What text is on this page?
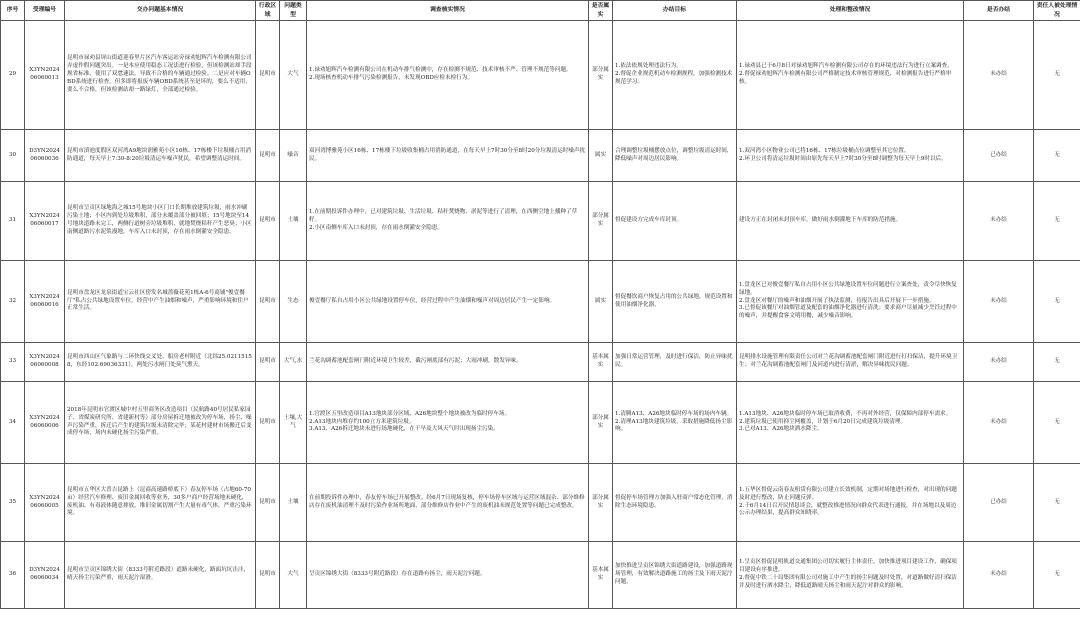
序号	受理编号	交办问题基本情况	行政区域	问题类型	调查核实情况	是否属实	办结目标	处理和整改情况	是否办结	责任人被处理情况
29	X3YN2024 06060013	昆明市禄劝县屏山街道迎春里片区汽车客运站旁禄劝旭辉汽车检测有限公司弄虚作假问题突出。一是本应使用稳态工况法进行检验，但该检测站却手段规省标准，使用了双怠速法，导致不合格的车辆通过检验。二是应对车辆OBD系统进行检查，但多即将报废车辆OBD系统甚至是坏的，要么不适用，要么不合格，但该检测站却一路绿灯，全部通过检验。	昆明市	大气	1.禄劝旭辉汽车检测有限公司在机动车排气检测中，存在检测不规范、技术审核不严、管理不规范等问题。
2.现场核查机动车排气污染检测报告，未发现OBD应检未检行为。	部分属实	1.依法依规处理违法行为。
2.督促企业规范机动车检测规程，加强检测技术规范学习。	1.禄劝县已于6月8日对禄劝旭辉汽车检测有限公司存在的环境违法行为进行立案调查。
2.督促禄劝旭辉汽车检测有限公司严格制定技术审核管理规范，对检测报告进行严格审核。	未办结	无
30	D3YN2024 06060036	昆明市滇池度假区双河湾A9地块润雅苑小区16栋、17栋楼下垃圾桶占用消防通道，每天早上7:30-8:20垃圾清运车噪声扰民，希望调整清运时间。	昆明市	噪音	双河湾博雅苑小区16栋、17栋楼下垃圾收集桶占用消防通道，在每天早上7时30分至8时20分垃圾清运时噪声扰民。	属实	合理调整垃圾桶摆放点位，调整垃圾清运时间，降低噪声对周边居民影响。	1.双河湾小区物业公司已将16栋、17栋垃圾桶点位调整至其它位置。
2.环卫公司将清运垃圾时间由原先每天早上7时30分至8时调整为每天早上9时以后。	已办结	无
31	X3YN2024 06060017	昆明市呈贡区绿地海之城15号地块小区门口长期堆放建筑垃圾，雨水冲刷污染土地；小区内到处垃圾堆积，部分未覆盖部分被回填；15号地块至14号地块道路未完工，两侧行道树旁垃圾堆积，就地焚烧秸秆产生恶臭；小区南侧道路污水泥浆漫地，车库入口未封顶，存在雨水倒灌安全隐患。	昆明市	土壤	1.在前期投诉件办理中，已对建筑垃圾、生活垃圾、秸秆焚烧物、淤泥等进行了清理，在西侧空地上播种了草籽。
2.小区南侧车库入口未封顶，存在雨水倒灌安全隐患。	部分属实	督促建设方完成车库封顶。	建设方正在封闭未封顶车库，做好雨水倒灌地下车库的防范措施。	未办结	无
32	X3YN2024 06060016	昆明市盘龙区龙泉街道宝云社区傍发名城蔷薇花苑1栋A-6号商铺"俊壹餐厅"私占公共绿地设置车位，经营中产生油烟和噪声，严重影响环境和住户正常生活。	昆明市	生态	俊壹餐厅私自占用小区公共绿地设置停车位，经营过程中产生油烟和噪声对周边居民产生一定影响。	属实	督促餐饮商户恢复占用的公共绿地，规范设置和使用油烟净化器。	1.盘龙区已对俊壹餐厅私自占用小区公共绿地设置车位问题进行立案查处，责令尽快恢复绿地。
2.盘龙区对餐厅的噪声和油烟开展了执法监测，待报告出具后开展下一步措施。
3.已督促该餐厅对油烟管道及配套的油烟净化器进行清洗；要求商户尽量减少烹饪过程中的噪声，并提醒食客文明用餐，减少噪音影响。	未办结	无
33	X3YN2024 06060008	昆明市西山区气象路与二环快线交叉处、船房老村附近（北纬25.02115158，东经102.69036331），两处污水闸门处臭气熏天。	昆明市	大气,水	兰花沟调蓄池配套闸门附近环境卫生较差，截污闸底部有污泥；大雨冲刷，散发异味。	基本属实	加强日常运营管理，及时进行保洁，防止异味扰民。	昆明排水设施管理有限责任公司对兰花沟调蓄池配套闸门附近进行打扫保洁，提升环境卫生；对兰花沟调蓄池配套闸门及河道内进行清淤，解决异味扰民问题。	未办结	无
34	X3YN2024 06060006	2018年昆明市官渡区城中村五里商务区改造项目（民航路40号居民私家园子、省煤炭研究所、省建新村等）部分房屋拆迁地被改为停车场，扬尘、噪声污染严重，拆迁后产生的建筑垃圾未清除完毕；某花村建材市场搬迁后变成停车场，场内未硬化扬尘污染严重。	昆明市	土壤,大气	1.官渡区五里改造项目A13地块部分区域、A26地块整个地块被改为临时停车场。
2.A13地块内堆存约100立方米建筑垃圾。
3.A13、A26拆迁地块未进行场地硬化，在干旱及大风天气时出现扬尘污染。	部分属实	1.清腾A13、A26地块临时停车场的场内车辆。
2.清理A13地块建筑垃圾，采取措施降低扬尘影响。	1.A13地块、A26地块临时停车场已取消收费，不再对外经营，仅保障内部停车需求。
2.建筑垃圾已使用抑尘网覆盖，计划于6月20日完成建筑垃圾清理。
3.已对A13、A26地块洒水降尘。	未办结	无
35	X3YN2024 06060005	昆明市五华区大普吉昆路上（昆商高速路桥底下）春友停车场（占地60-70亩）经营汽车修理、废旧金属回收等业务，30多户商户经营场地未硬化，废机油、有毒液体随意排放，堆旧金属切割产生大量有毒气体，严重污染环境。	昆明市	土壤	在前期投诉件办理中，春友停车场已开展整改。经6月7日现场复核，停车场停车区域与运营区域混杂、部分维修店存在废机油清理不及时污染作业场所地面、部分维修店作业中产生的废机油未规范处置等问题已完成整改。	部分属实	督促停车场管理方加强入驻商户常态化管理，消除生态环境隐患。	1.五华区督促云南春友租赁有限公司建立长效机制，定期对场地进行检查，对出现的问题及时进行整改，防止问题反弹。
2.于6月14日召开民情恳谈会，就整改推进情况向群众代表进行通报，并在场地以及周边公示办理结果，提高群众知晓率。	已办结	无
36	D3YN2024 06060034	昆明市呈贡区锦绣大街（8333号附近路段）道路未硬化，路面坑坑洼洼，晴天扬尘污染严重，雨天泥泞湿滑。	昆明市	大气	呈贡区锦绣大街（8333号附近路段）存在道路有扬尘，雨天泥泞问题。	基本属实	加快推进呈贡区锦绣大街道路建设，加强道路现场管理，有效解决道路施工的扬尘及下雨天泥泞问题。	1.呈贡区督促昆明轨道交通集团公司切实履行主体责任，加快推进项目建设工作，确保项目建设有序推进。
2.督促中铁二十局集团有限公司对施工中产生的扬尘问题及时处置，对道路做好清扫保洁并及时进行洒水降尘，降低道路晴天扬尘和雨天泥泞对群众的影响。	未办结	无
